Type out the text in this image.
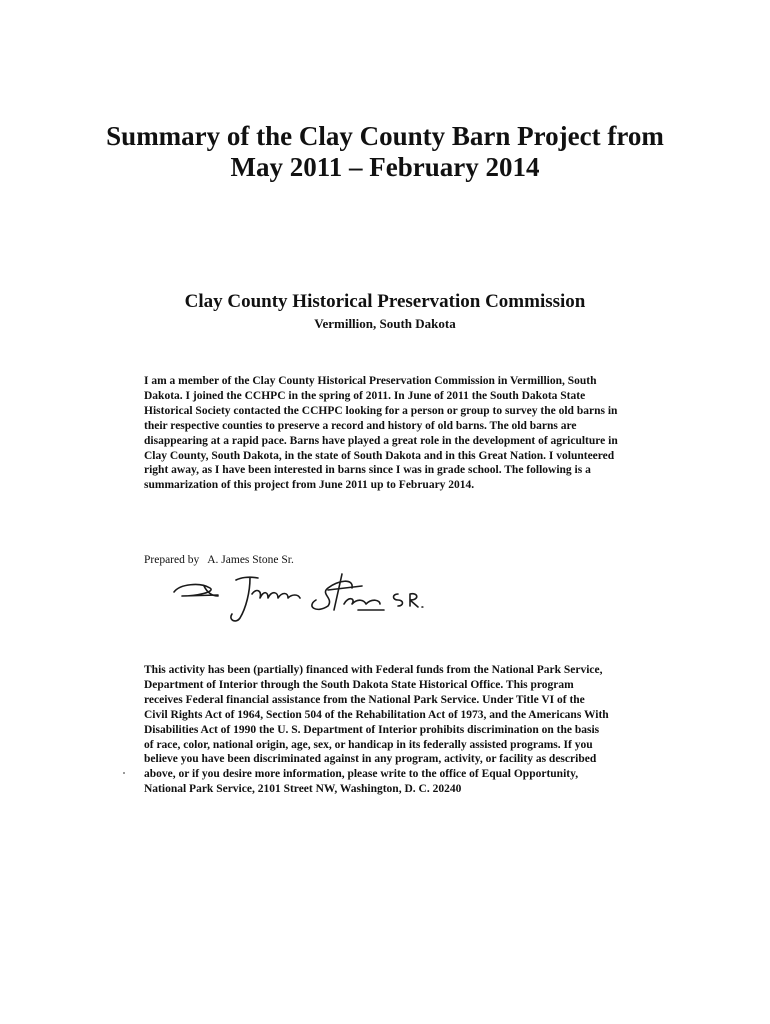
Summary of the Clay County Barn Project from
May 2011 – February 2014
Clay County Historical Preservation Commission

Vermillion, South Dakota

I am a member of the Clay County Historical Preservation Commission in Vermillion, South Dakota. I joined the CCHPC in the spring of 2011. In June of 2011 the South Dakota State Historical Society contacted the CCHPC looking for a person or group to survey the old barns in their respective counties to preserve a record and history of old barns. The old barns are disappearing at a rapid pace. Barns have played a great role in the development of agriculture in Clay County, South Dakota, in the state of South Dakota and in this Great Nation. I volunteered right away, as I have been interested in barns since I was in grade school. The following is a summarization of this project from June 2011 up to February 2014.

Prepared by A. James Stone Sr.

This activity has been (partially) financed with Federal funds from the National Park Service, Department of Interior through the South Dakota State Historical Office. This program receives Federal financial assistance from the National Park Service. Under Title VI of the Civil Rights Act of 1964, Section 504 of the Rehabilitation Act of 1973, and the Americans With Disabilities Act of 1990 the U. S. Department of Interior prohibits discrimination on the basis of race, color, national origin, age, sex, or handicap in its federally assisted programs. If you believe you have been discriminated against in any program, activity, or facility as described above, or if you desire more information, please write to the office of Equal Opportunity, National Park Service, 2101 Street NW, Washington, D. C. 20240
